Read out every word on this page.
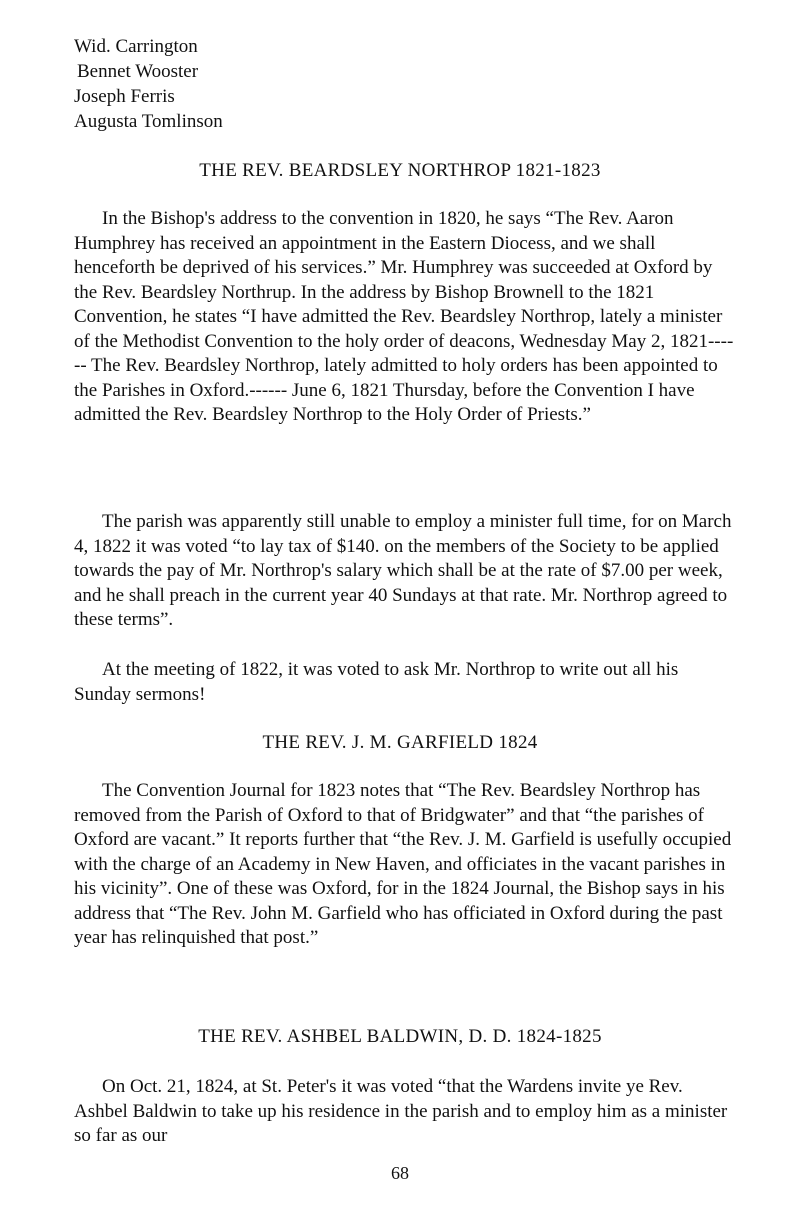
Wid. Carrington
Bennet Wooster
Joseph Ferris
Augusta Tomlinson
THE REV. BEARDSLEY NORTHROP 1821-1823
In the Bishop's address to the convention in 1820, he says “The Rev. Aaron Humphrey has received an appointment in the Eastern Diocess, and we shall henceforth be deprived of his services.” Mr. Humphrey was succeeded at Oxford by the Rev. Beardsley Northrup. In the address by Bishop Brownell to the 1821 Convention, he states “I have admitted the Rev. Beardsley Northrop, lately a minister of the Methodist Convention to the holy order of deacons, Wednesday May 2, 1821------ The Rev. Beardsley Northrop, lately admitted to holy orders has been appointed to the Parishes in Oxford.------ June 6, 1821 Thursday, before the Convention I have admitted the Rev. Beardsley Northrop to the Holy Order of Priests.”
The parish was apparently still unable to employ a minister full time, for on March 4, 1822 it was voted “to lay tax of $140. on the members of the Society to be applied towards the pay of Mr. Northrop's salary which shall be at the rate of $7.00 per week, and he shall preach in the current year 40 Sundays at that rate. Mr. Northrop agreed to these terms”.
At the meeting of 1822, it was voted to ask Mr. Northrop to write out all his Sunday sermons!
THE REV. J. M. GARFIELD 1824
The Convention Journal for 1823 notes that “The Rev. Beardsley Northrop has removed from the Parish of Oxford to that of Bridgwater” and that “the parishes of Oxford are vacant.” It reports further that “the Rev. J. M. Garfield is usefully occupied with the charge of an Academy in New Haven, and officiates in the vacant parishes in his vicinity”. One of these was Oxford, for in the 1824 Journal, the Bishop says in his address that “The Rev. John M. Garfield who has officiated in Oxford during the past year has relinquished that post.”
THE REV. ASHBEL BALDWIN, D. D. 1824-1825
On Oct. 21, 1824, at St. Peter's it was voted “that the Wardens invite ye Rev. Ashbel Baldwin to take up his residence in the parish and to employ him as a minister so far as our
68
